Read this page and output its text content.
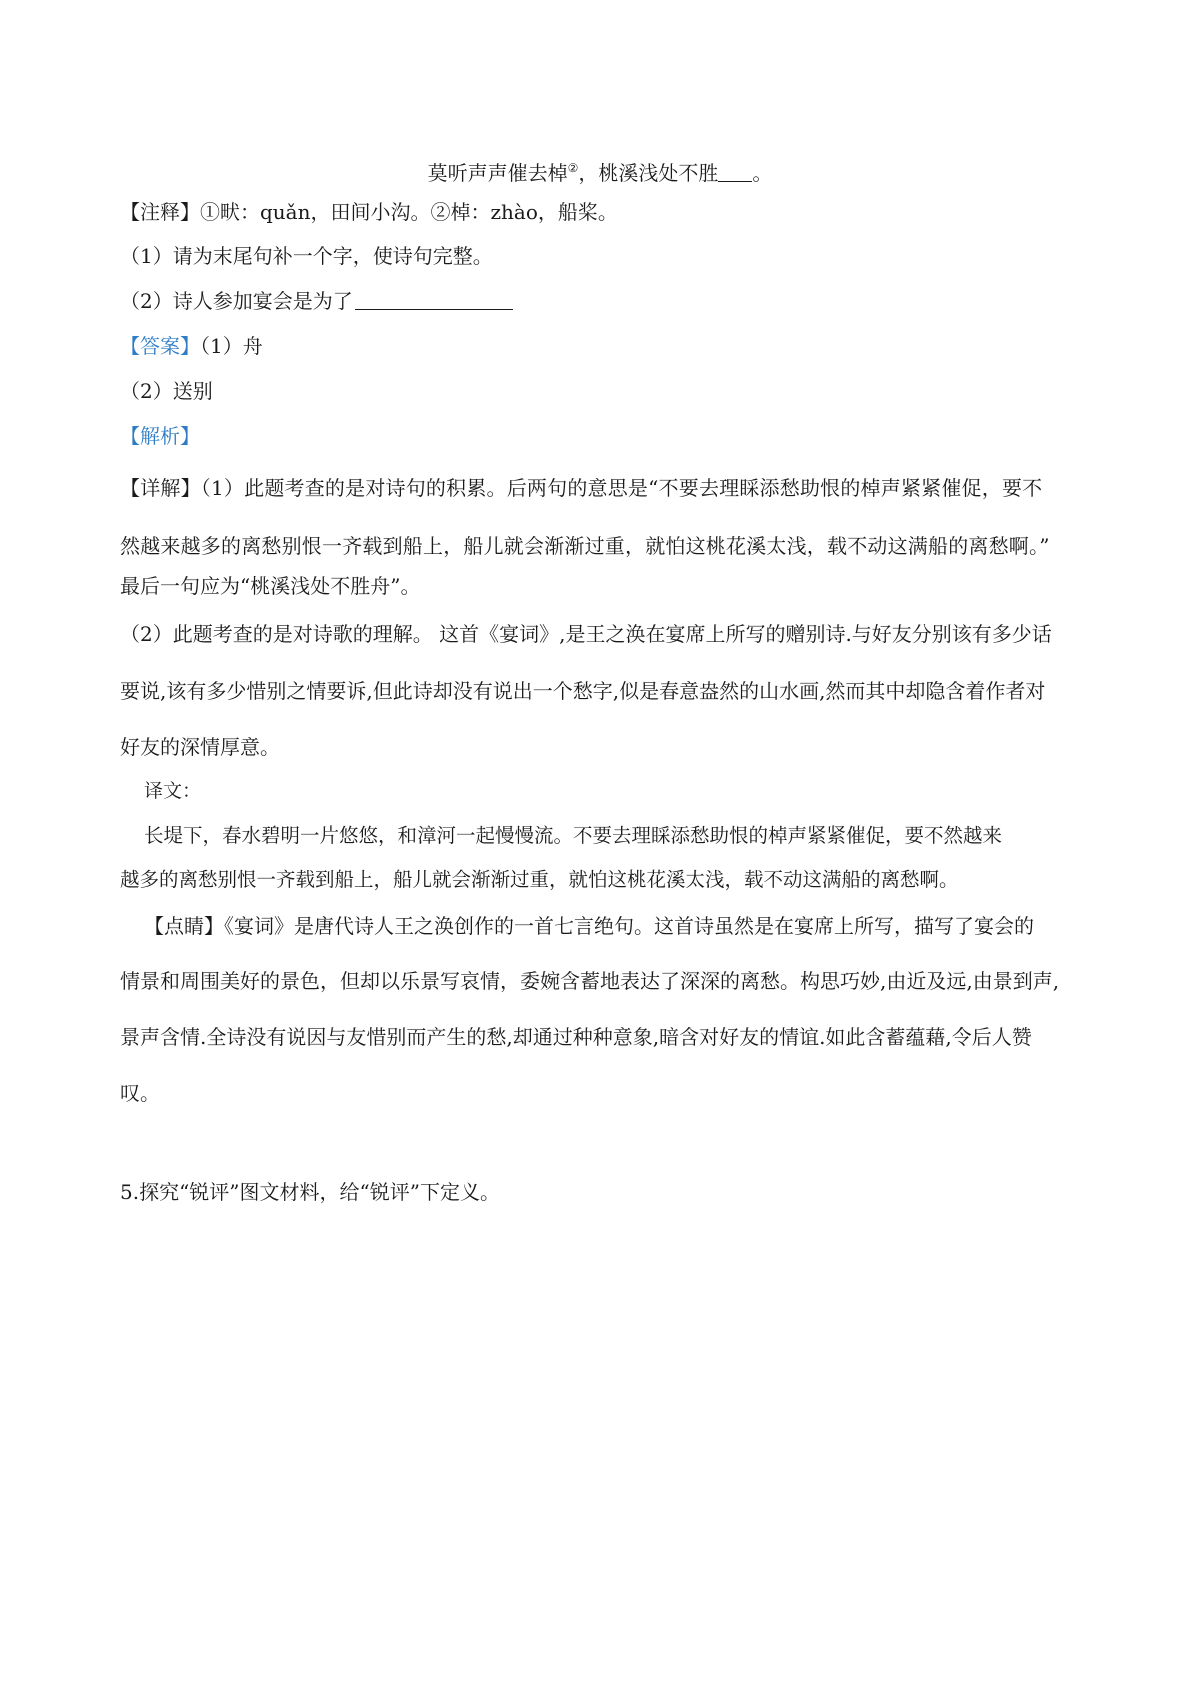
莫听声声催去棹②，桃溪浅处不胜 。
【注释】①畎：quǎn，田间小沟。②棹：zhào，船桨。
（1）请为末尾句补一个字，使诗句完整。
（2）诗人参加宴会是为了
【答案】（1）舟
（2）送别
【解析】
【详解】（1）此题考查的是对诗句的积累。后两句的意思是“不要去理睬添愁助恨的棹声紧紧催促，要不
然越来越多的离愁别恨一齐载到船上，船儿就会渐渐过重，就怕这桃花溪太浅，载不动这满船的离愁啊。”
最后一句应为“桃溪浅处不胜舟”。
（2）此题考查的是对诗歌的理解。 这首《宴词》,是王之涣在宴席上所写的赠别诗.与好友分别该有多少话
要说,该有多少惜别之情要诉,但此诗却没有说出一个愁字,似是春意盎然的山水画,然而其中却隐含着作者对
好友的深情厚意。
译文：
长堤下，春水碧明一片悠悠，和漳河一起慢慢流。不要去理睬添愁助恨的棹声紧紧催促，要不然越来
越多的离愁别恨一齐载到船上，船儿就会渐渐过重，就怕这桃花溪太浅，载不动这满船的离愁啊。
【点睛】《宴词》是唐代诗人王之涣创作的一首七言绝句。这首诗虽然是在宴席上所写，描写了宴会的
情景和周围美好的景色，但却以乐景写哀情，委婉含蓄地表达了深深的离愁。构思巧妙,由近及远,由景到声,
景声含情.全诗没有说因与友惜别而产生的愁,却通过种种意象,暗含对好友的情谊.如此含蓄蕴藉,令后人赞
叹。
5.探究“锐评”图文材料，给“锐评”下定义。
